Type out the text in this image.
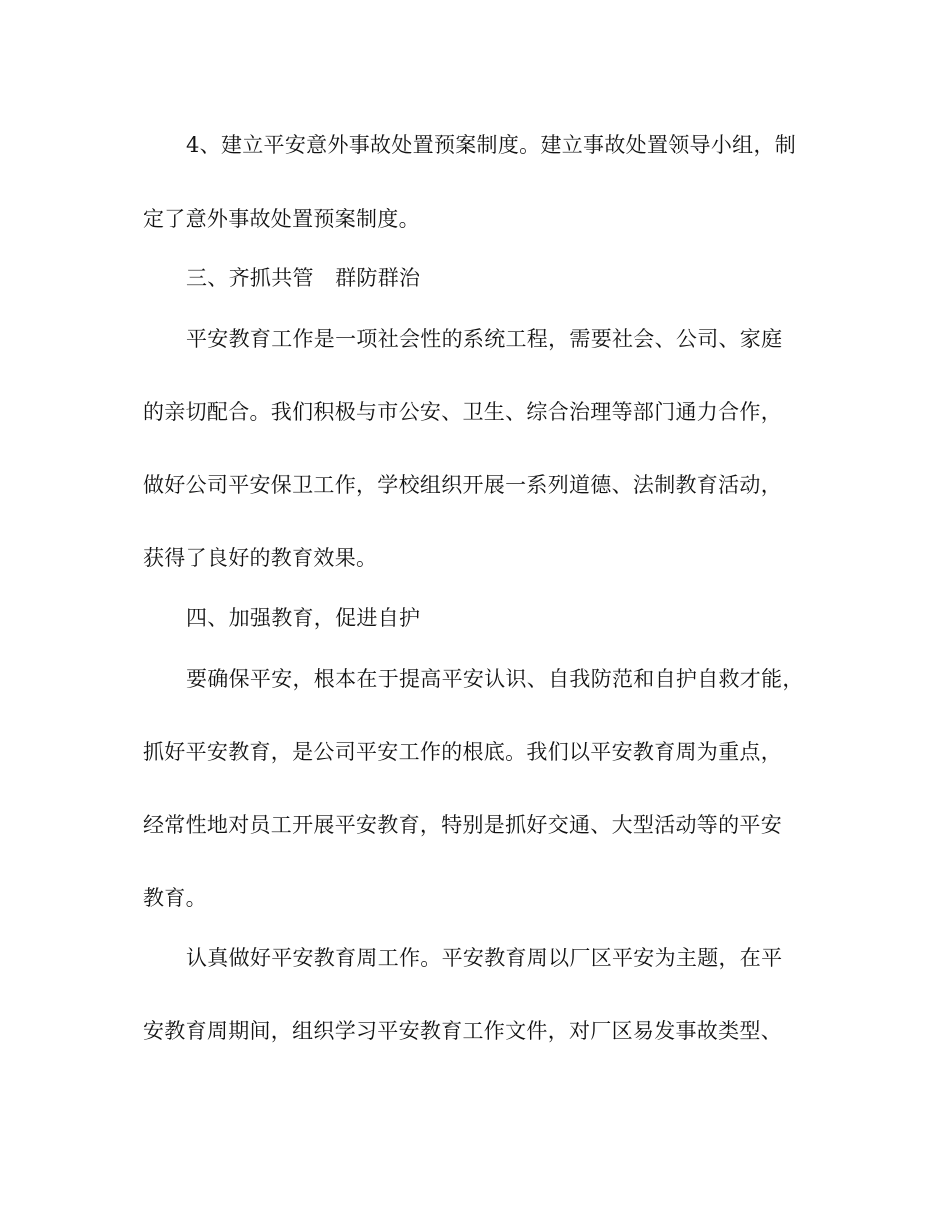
4、建立平安意外事故处置预案制度。建立事故处置领导小组，制
定了意外事故处置预案制度。
三、齐抓共管　群防群治
平安教育工作是一项社会性的系统工程，需要社会、公司、家庭
的亲切配合。我们积极与市公安、卫生、综合治理等部门通力合作，
做好公司平安保卫工作，学校组织开展一系列道德、法制教育活动，
获得了良好的教育效果。
四、加强教育，促进自护
要确保平安，根本在于提高平安认识、自我防范和自护自救才能，
抓好平安教育，是公司平安工作的根底。我们以平安教育周为重点，
经常性地对员工开展平安教育，特别是抓好交通、大型活动等的平安
教育。
认真做好平安教育周工作。平安教育周以厂区平安为主题，在平
安教育周期间，组织学习平安教育工作文件，对厂区易发事故类型、
